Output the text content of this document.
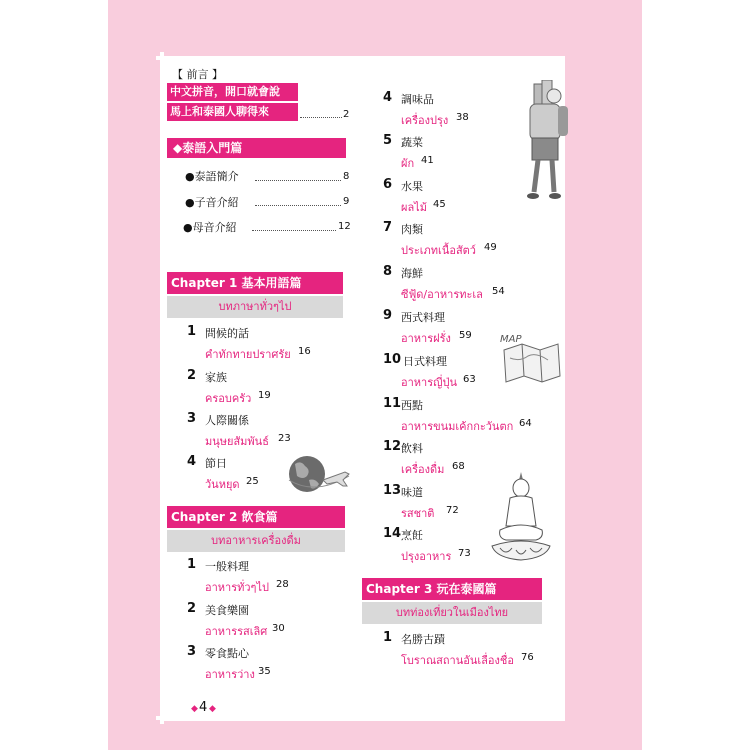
【 前言 】
中文拼音，開口就會說
馬上和泰國人聊得來	2
◆泰語入門篇
●泰語簡介	8
●子音介紹	9
●母音介紹	12
Chapter 1 基本用語篇
บทภาษาทั่วๆไป
1 問候的話
คำทักทายปราศรัย 16
2 家族
ครอบครัว 19
3 人際關係
มนุษยสัมพันธ์ 23
4 節日
วันหยุด 25
Chapter 2 飲食篇
บทอาหารเครื่องดื่ม
1 一般料理
อาหารทั่วๆไป 28
2 美食樂園
อาหารรสเลิศ 30
3 零食點心
อาหารว่าง 35
4 調味品
เครื่องปรุง 38
5 蔬菜
ผัก 41
6 水果
ผลไม้ 45
7 肉類
ประเภทเนื้อสัตว์ 49
8 海鮮
ซีฟู้ด/อาหารทะเล 54
9 西式料理
อาหารฝรั่ง 59
10 日式料理
อาหารญี่ปุ่น 63
11 西點
อาหารขนมเค้กกะวันตก 64
12 飲料
เครื่องดื่ม 68
13 味道
รสชาติ 72
14 烹飪
ปรุงอาหาร 73
MAP
Chapter 3 玩在泰國篇
บทท่องเที่ยวในเมืองไทย
1 名勝古蹟
โบราณสถานอันเลื่องชื่อ 76
◆ 4 ◆
